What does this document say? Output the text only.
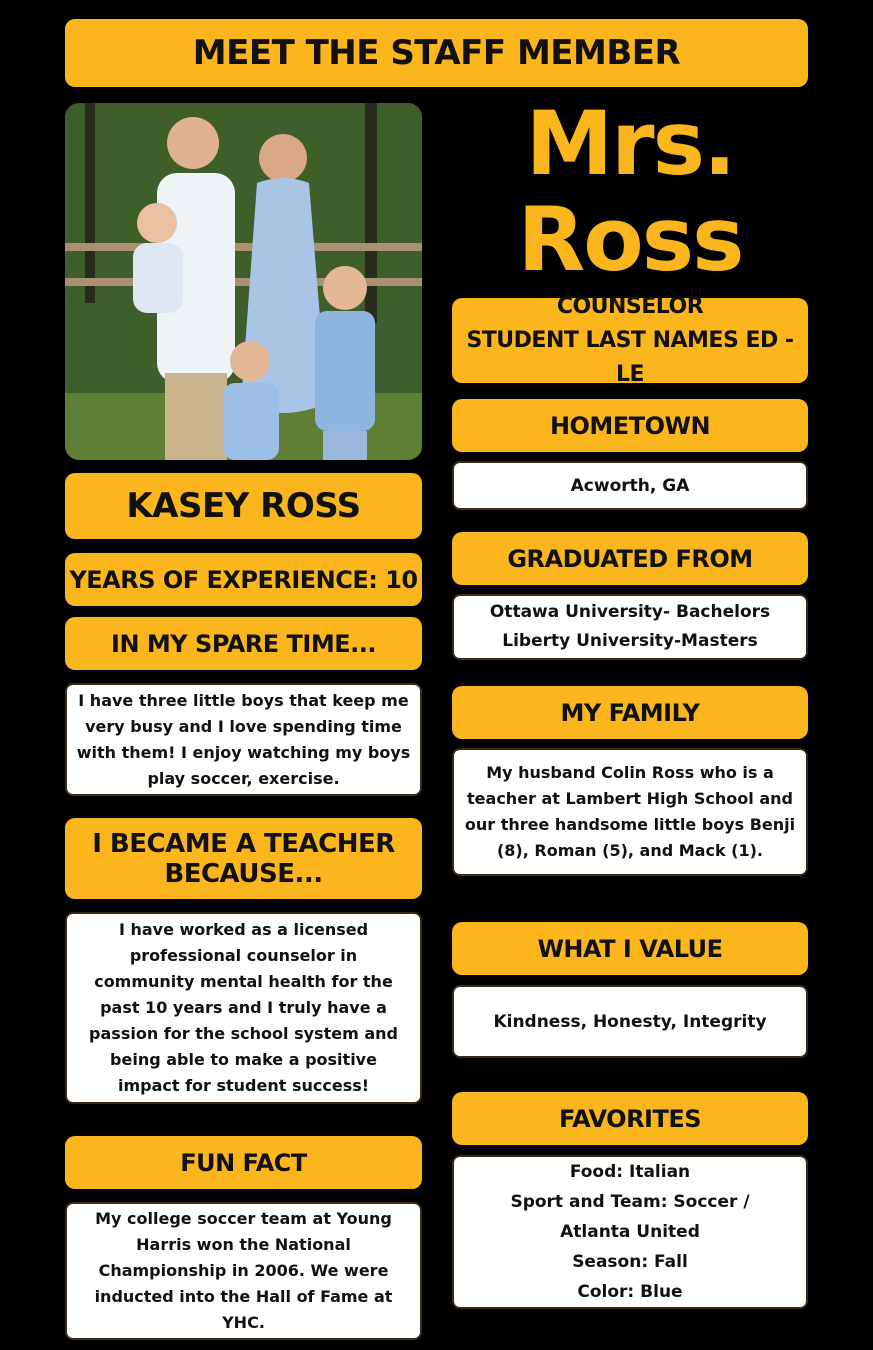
MEET THE STAFF MEMBER
Mrs.
Ross
KASEY ROSS
YEARS OF EXPERIENCE: 10
IN MY SPARE TIME...
I have three little boys that keep me very busy and I love spending time with them! I enjoy watching my boys play soccer, exercise.
I BECAME A TEACHER
BECAUSE...
I have worked as a licensed professional counselor in community mental health for the past 10 years and I truly have a passion for the school system and being able to make a positive impact for student success!
FUN FACT
My college soccer team at Young Harris won the National Championship in 2006. We were inducted into the Hall of Fame at YHC.
COUNSELOR
STUDENT LAST NAMES ED - LE
HOMETOWN
Acworth, GA
GRADUATED FROM
Ottawa University- Bachelors
Liberty University-Masters
MY FAMILY
My husband Colin Ross who is a teacher at Lambert High School and our three handsome little boys Benji (8), Roman (5), and Mack (1).
WHAT I VALUE
Kindness, Honesty, Integrity
FAVORITES
Food: Italian
Sport and Team: Soccer /
Atlanta United
Season: Fall
Color: Blue
